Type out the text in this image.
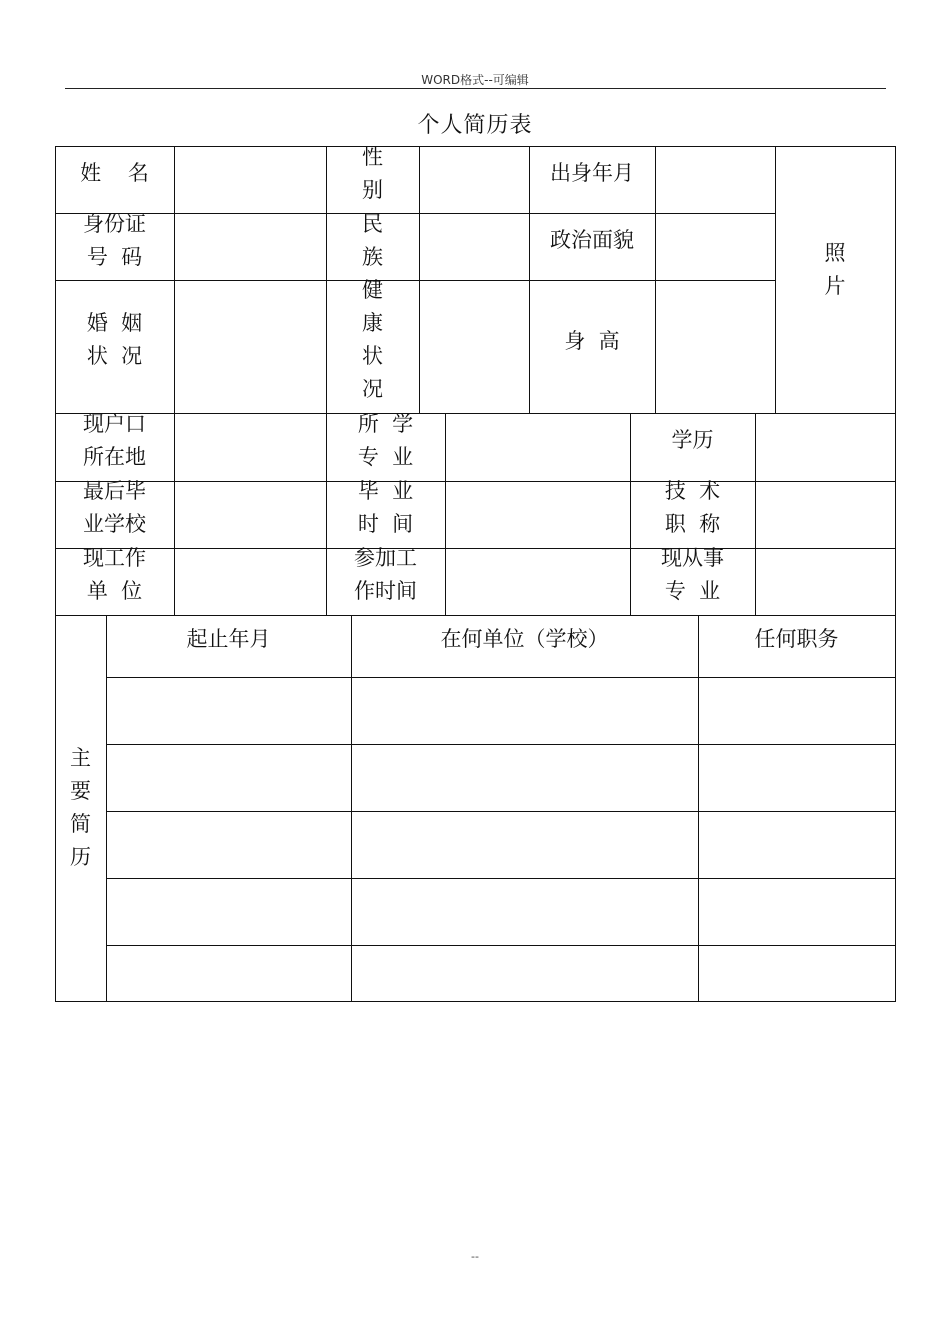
WORD格式--可编辑
个人简历表
姓    名
性
别
出身年月
照
片
身份证
号  码
民
族
政治面貌
婚  姻
状  况
健
康
状
况
身  高
现户口
所在地
所  学
专  业
学历
最后毕
业学校
毕  业
时  间
技  术
职  称
现工作
单  位
参加工
作时间
现从事
专  业
主
要
简
历
起止年月	在何单位（学校）	任何职务
--
